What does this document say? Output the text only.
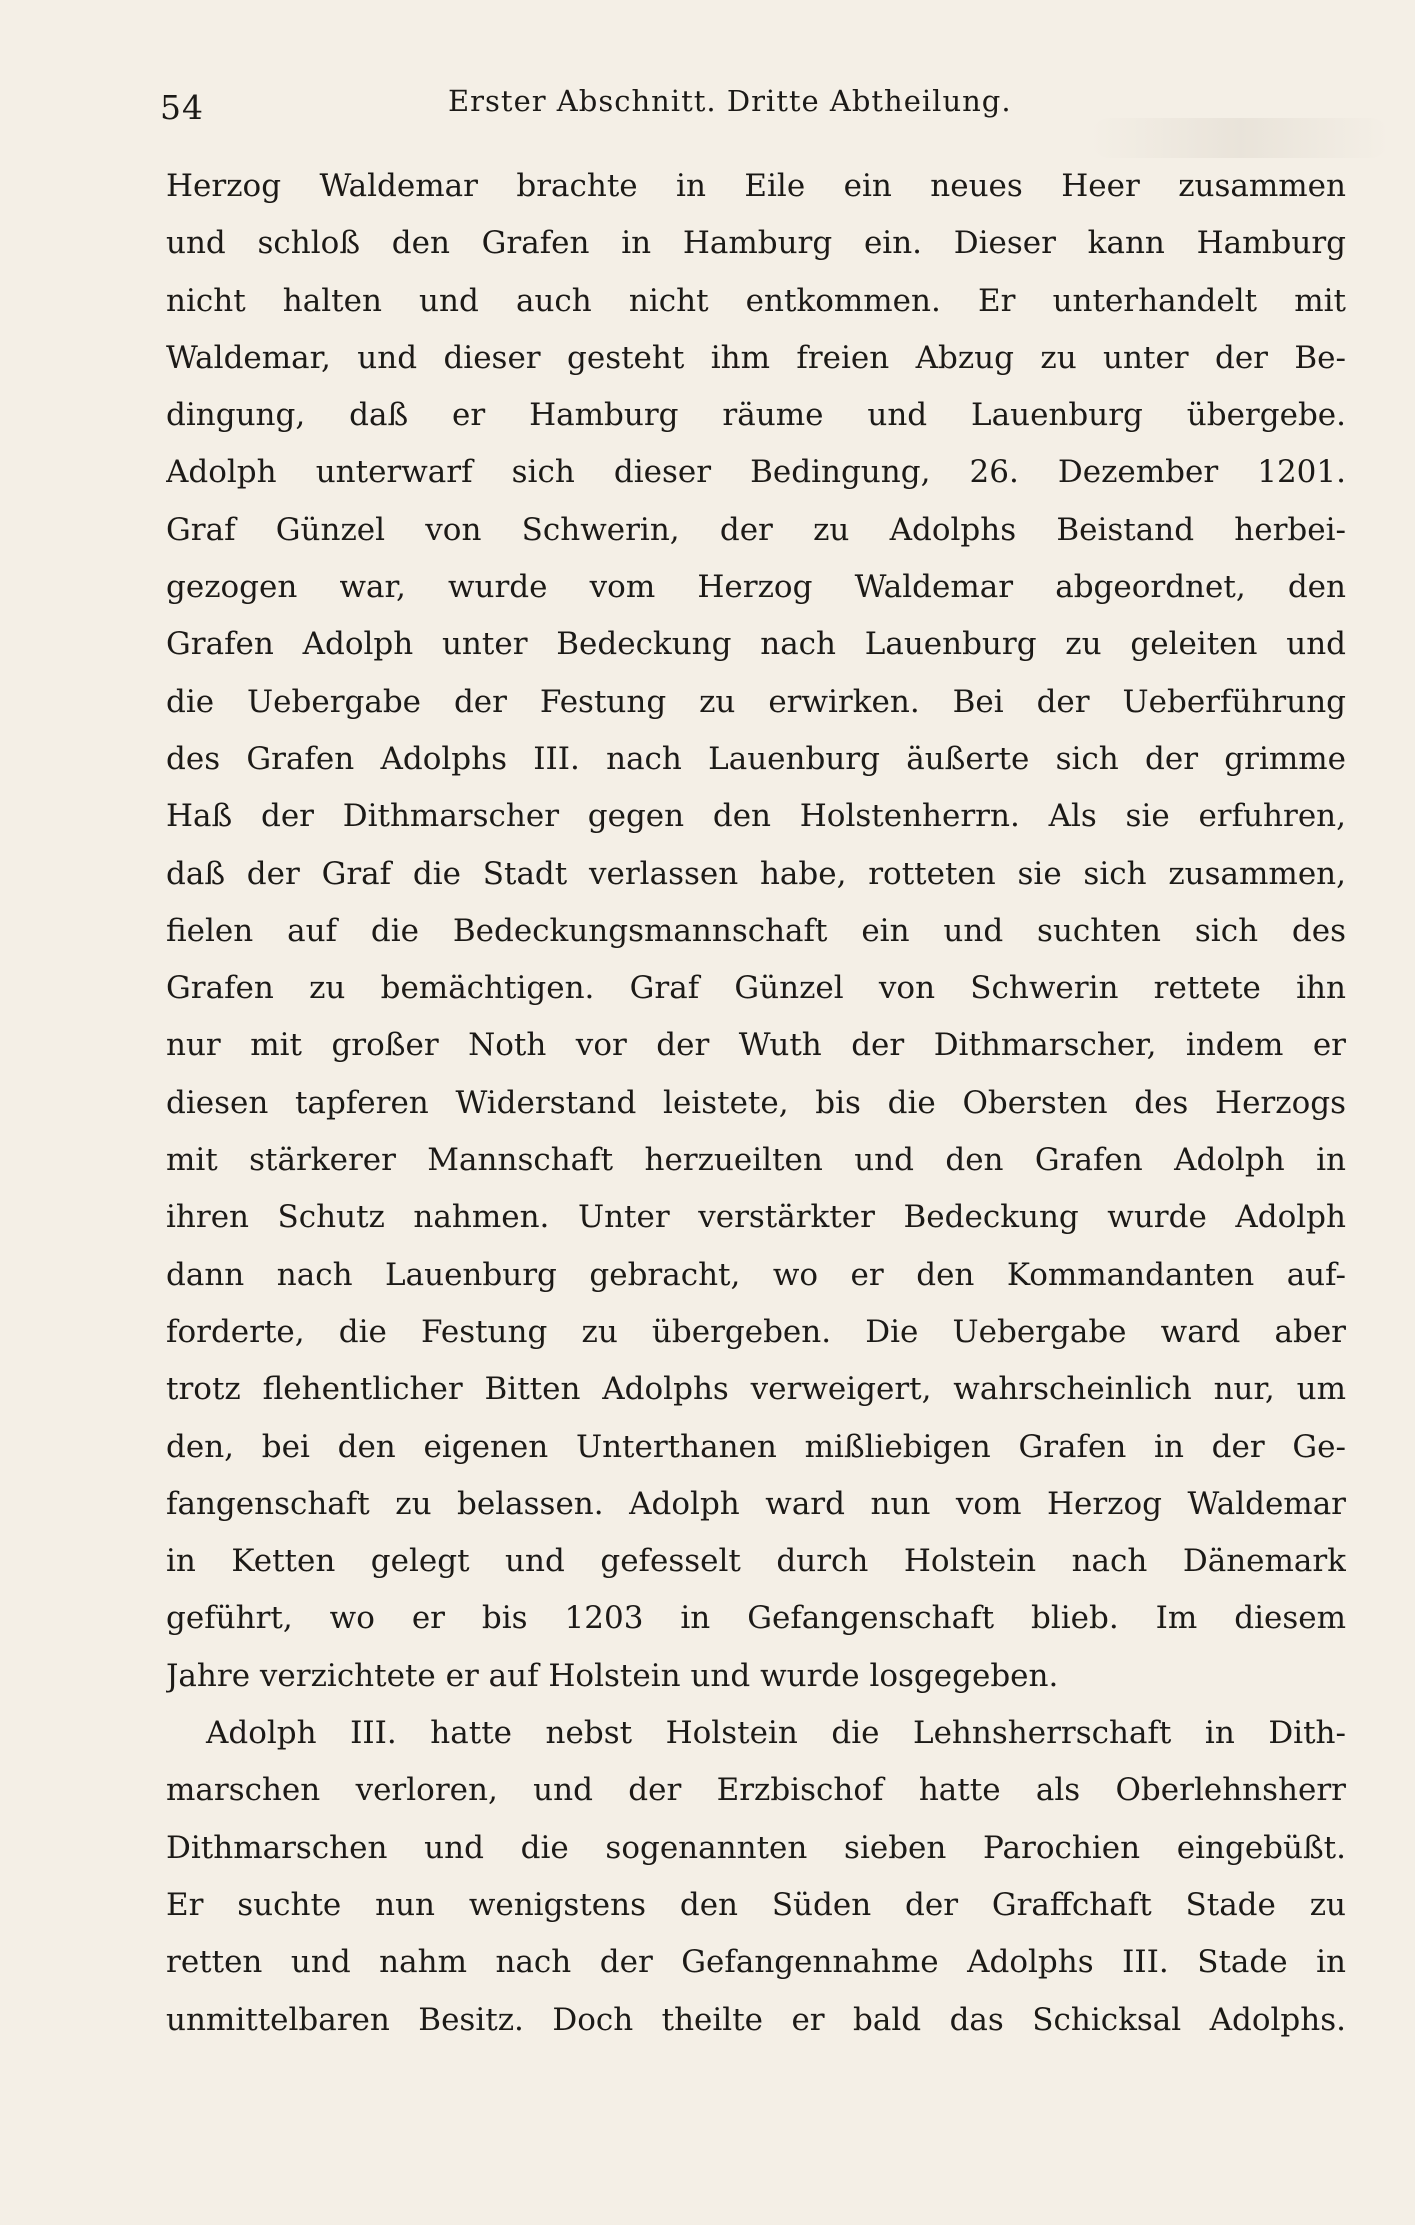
54	Erster Abschnitt. Dritte Abtheilung.
Herzog Waldemar brachte in Eile ein neues Heer zusammen
und schloß den Grafen in Hamburg ein. Dieser kann Hamburg
nicht halten und auch nicht entkommen. Er unterhandelt mit
Waldemar, und dieser gesteht ihm freien Abzug zu unter der Be-
dingung, daß er Hamburg räume und Lauenburg übergebe.
Adolph unterwarf sich dieser Bedingung, 26. Dezember 1201.
Graf Günzel von Schwerin, der zu Adolphs Beistand herbei-
gezogen war, wurde vom Herzog Waldemar abgeordnet, den
Grafen Adolph unter Bedeckung nach Lauenburg zu geleiten und
die Uebergabe der Festung zu erwirken. Bei der Ueberführung
des Grafen Adolphs III. nach Lauenburg äußerte sich der grimme
Haß der Dithmarscher gegen den Holstenherrn. Als sie erfuhren,
daß der Graf die Stadt verlassen habe, rotteten sie sich zusammen,
fielen auf die Bedeckungsmannschaft ein und suchten sich des
Grafen zu bemächtigen. Graf Günzel von Schwerin rettete ihn
nur mit großer Noth vor der Wuth der Dithmarscher, indem er
diesen tapferen Widerstand leistete, bis die Obersten des Herzogs
mit stärkerer Mannschaft herzueilten und den Grafen Adolph in
ihren Schutz nahmen. Unter verstärkter Bedeckung wurde Adolph
dann nach Lauenburg gebracht, wo er den Kommandanten auf-
forderte, die Festung zu übergeben. Die Uebergabe ward aber
trotz flehentlicher Bitten Adolphs verweigert, wahrscheinlich nur, um
den, bei den eigenen Unterthanen mißliebigen Grafen in der Ge-
fangenschaft zu belassen. Adolph ward nun vom Herzog Waldemar
in Ketten gelegt und gefesselt durch Holstein nach Dänemark
geführt, wo er bis 1203 in Gefangenschaft blieb. Im diesem
Jahre verzichtete er auf Holstein und wurde losgegeben.
Adolph III. hatte nebst Holstein die Lehnsherrschaft in Dith-
marschen verloren, und der Erzbischof hatte als Oberlehnsherr
Dithmarschen und die sogenannten sieben Parochien eingebüßt.
Er suchte nun wenigstens den Süden der Graffchaft Stade zu
retten und nahm nach der Gefangennahme Adolphs III. Stade in
unmittelbaren Besitz. Doch theilte er bald das Schicksal Adolphs.
